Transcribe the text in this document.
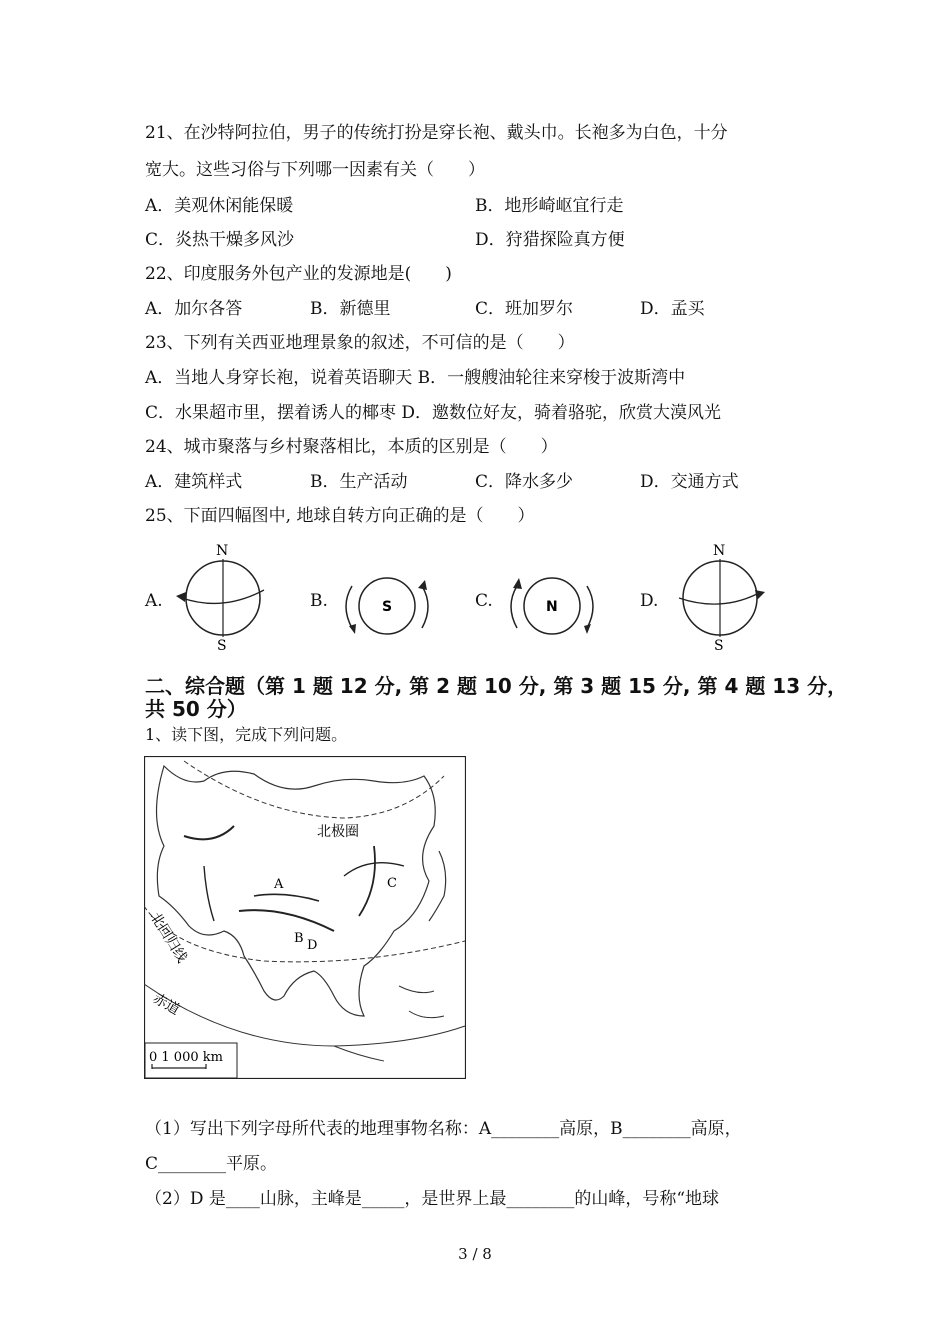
21、在沙特阿拉伯，男子的传统打扮是穿长袍、戴头巾。长袍多为白色，十分
宽大。这些习俗与下列哪一因素有关（　　）
A．美观休闲能保暖	B．地形崎岖宜行走
C．炎热干燥多风沙	D．狩猎探险真方便
22、印度服务外包产业的发源地是(　　)
A．加尔各答	B．新德里	C．班加罗尔	D．孟买
23、下列有关西亚地理景象的叙述，不可信的是（　　）
A．当地人身穿长袍，说着英语聊天 B．一艘艘油轮往来穿梭于波斯湾中
C．水果超市里，摆着诱人的椰枣 D．邀数位好友，骑着骆驼，欣赏大漠风光
24、城市聚落与乡村聚落相比，本质的区别是（　　）
A．建筑样式	B．生产活动	C．降水多少	D．交通方式
25、下面四幅图中, 地球自转方向正确的是（　　）
A.	B.	C.	D.
N
S
S	N
N
S
二、综合题（第 1 题 12 分, 第 2 题 10 分, 第 3 题 15 分, 第 4 题 13 分，
共 50 分）
1、读下图，完成下列问题。
北极圈
北回归线
赤道
A
B D
C
0 1 000 km
（1）写出下列字母所代表的地理事物名称：A________高原，B________高原，
C________平原。
（2）D 是____山脉，主峰是_____，是世界上最________的山峰，号称“地球
3 / 8
